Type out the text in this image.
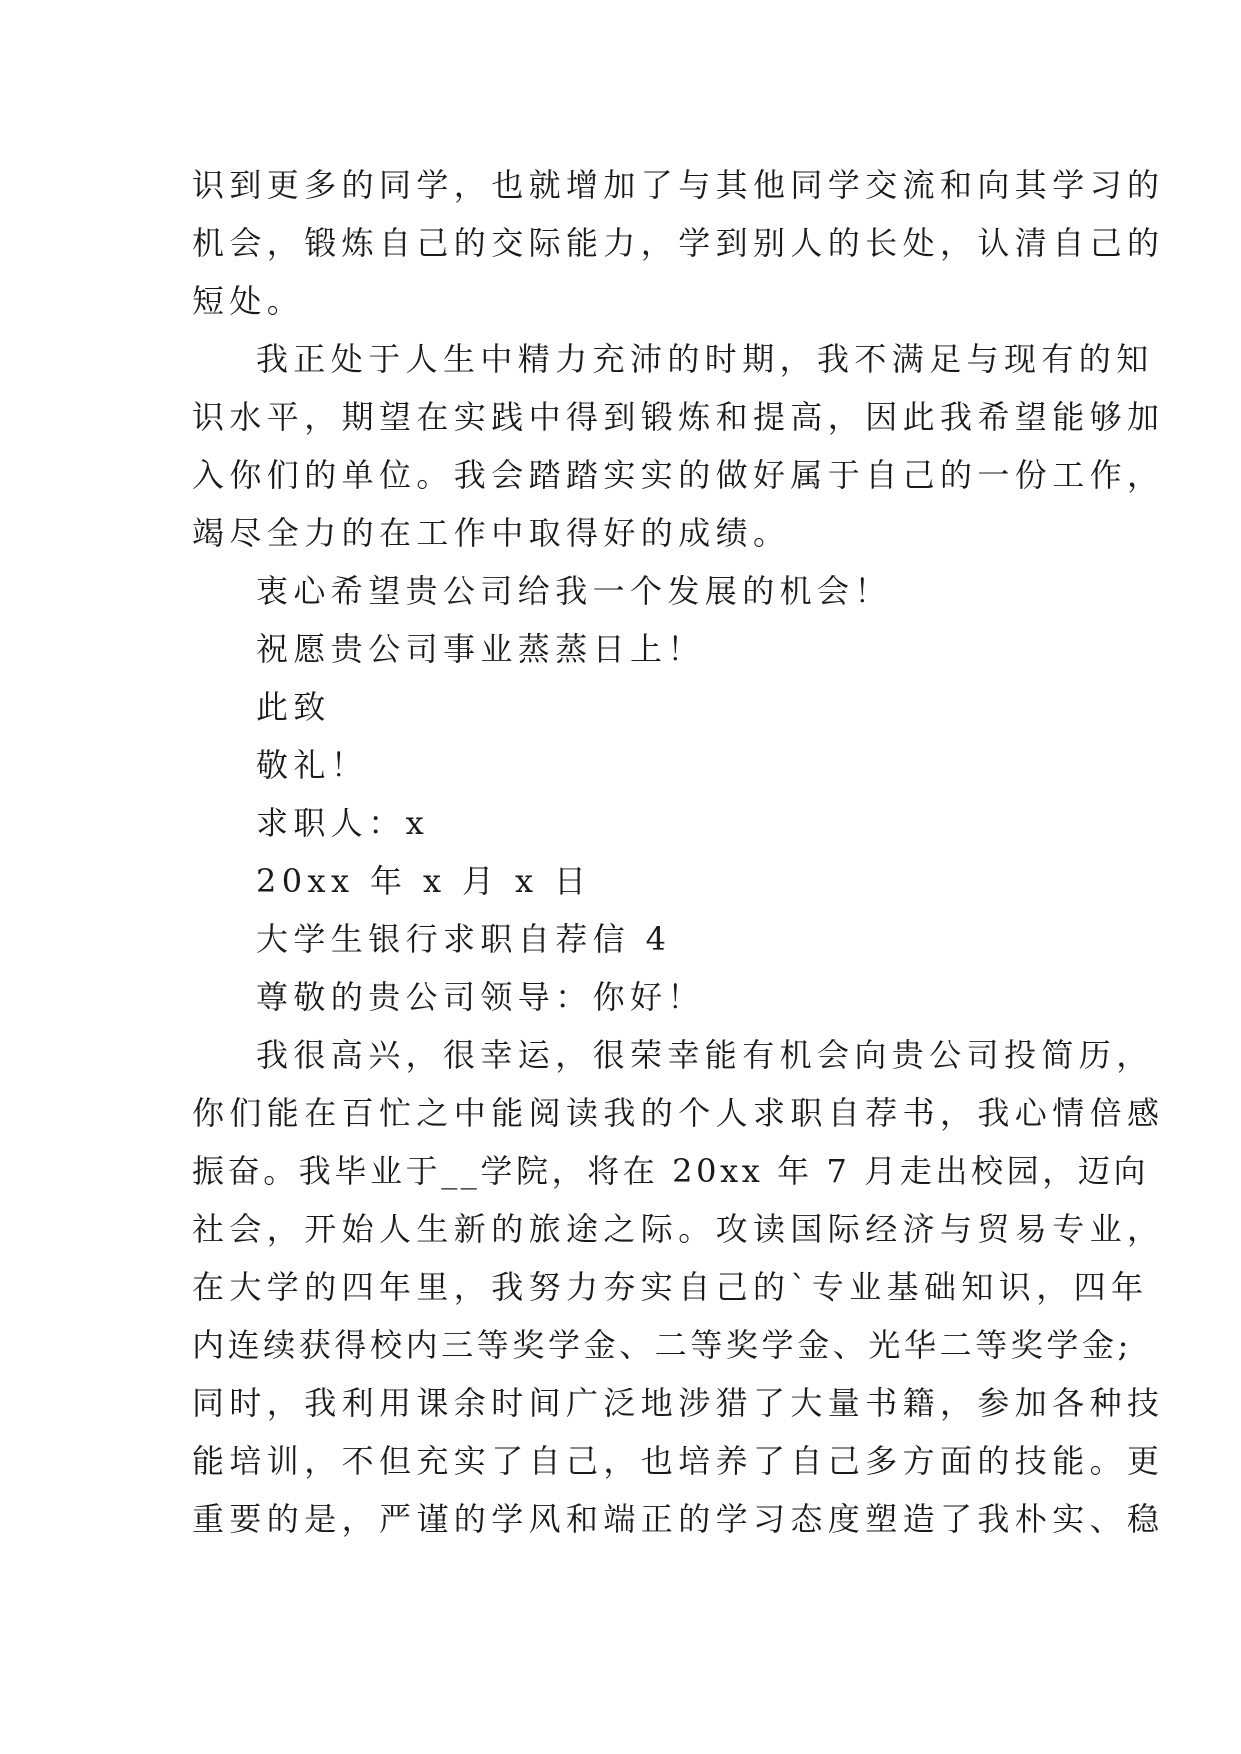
识到更多的同学，也就增加了与其他同学交流和向其学习的
机会，锻炼自己的交际能力，学到别人的长处，认清自己的
短处。
我正处于人生中精力充沛的时期，我不满足与现有的知
识水平，期望在实践中得到锻炼和提高，因此我希望能够加
入你们的单位。我会踏踏实实的做好属于自己的一份工作，
竭尽全力的在工作中取得好的成绩。
衷心希望贵公司给我一个发展的机会！
祝愿贵公司事业蒸蒸日上！
此致
敬礼！
求职人：x
20xx 年 x 月 x 日
大学生银行求职自荐信 4
尊敬的贵公司领导：你好！
我很高兴，很幸运，很荣幸能有机会向贵公司投简历，
你们能在百忙之中能阅读我的个人求职自荐书，我心情倍感
振奋。我毕业于__学院，将在 20xx 年 7 月走出校园，迈向
社会，开始人生新的旅途之际。攻读国际经济与贸易专业，
在大学的四年里，我努力夯实自己的`专业基础知识，四年
内连续获得校内三等奖学金、二等奖学金、光华二等奖学金;
同时，我利用课余时间广泛地涉猎了大量书籍，参加各种技
能培训，不但充实了自己，也培养了自己多方面的技能。更
重要的是，严谨的学风和端正的学习态度塑造了我朴实、稳
